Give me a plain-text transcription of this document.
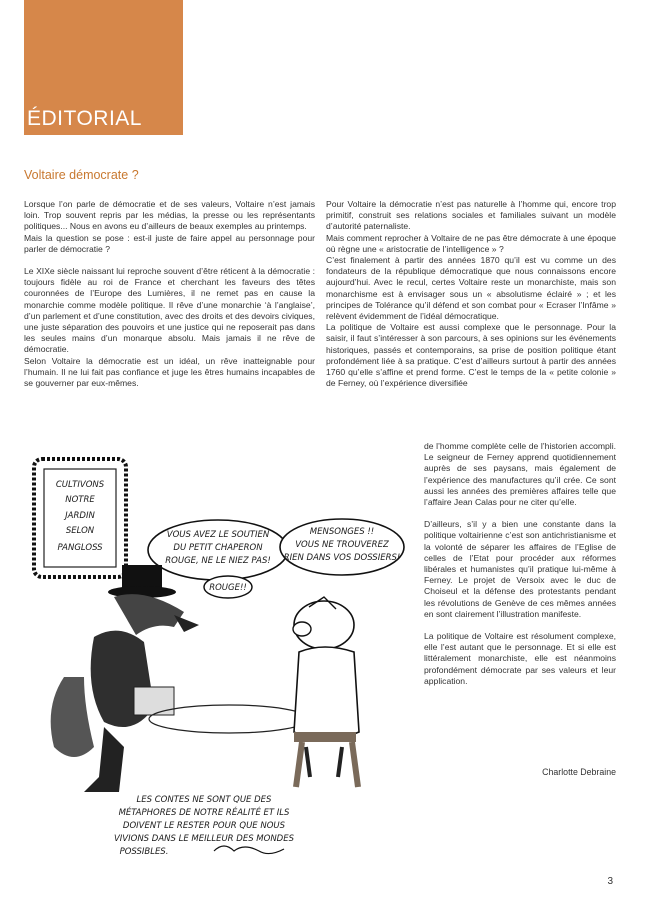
ÉDITORIAL
Voltaire démocrate ?

Lorsque l’on parle de démocratie et de ses valeurs, Voltaire n’est jamais loin. Trop souvent repris par les médias, la presse ou les représentants politiques... Nous en avons eu d’ailleurs de beaux exemples au printemps.

Mais la question se pose : est-il juste de faire appel au personnage pour parler de démocratie ?

Le XIXe siècle naissant lui reproche souvent d’être réticent à la démocratie : toujours fidèle au roi de France et cherchant les faveurs des têtes couronnées de l’Europe des Lumières, il ne remet pas en cause la monarchie comme modèle politique. Il rêve d’une monarchie ‘à l’anglaise’, d’un parlement et d’une constitution, avec des droits et des devoirs civiques, une juste séparation des pouvoirs et une justice qui ne reposerait pas dans les seules mains d’un monarque absolu. Mais jamais il ne rêve de démocratie.

Selon Voltaire la démocratie est un idéal, un rêve inatteignable pour l’humain. Il ne lui fait pas confiance et juge les êtres humains incapables de se gouverner par eux-mêmes.

Pour Voltaire la démocratie n’est pas naturelle à l’homme qui, encore trop primitif, construit ses relations sociales et familiales suivant un modèle d’autorité paternaliste.

Mais comment reprocher à Voltaire de ne pas être démocrate à une époque où règne une « aristocratie de l’intelligence » ?

C’est finalement à partir des années 1870 qu’il est vu comme un des fondateurs de la république démocratique que nous connaissons encore aujourd’hui. Avec le recul, certes Voltaire reste un monarchiste, mais son monarchisme est à envisager sous un « absolutisme éclairé » ; et les principes de Tolérance qu’il défend et son combat pour « Ecraser l’Infâme » relèvent évidemment de l’idéal démocratique.

La politique de Voltaire est aussi complexe que le personnage. Pour la saisir, il faut s’intéresser à son parcours, à ses opinions sur les événements historiques, passés et contemporains, sa prise de position politique étant profondément liée à sa pratique. C’est d’ailleurs surtout à partir des années 1760 qu’elle s’affine et prend forme. C’est le temps de la « petite colonie » de Ferney, où l’expérience diversifiée

de l’homme complète celle de l’historien accompli. Le seigneur de Ferney apprend quotidiennement auprès de ses paysans, mais également de l’expérience des manufactures qu’il crée. Ce sont aussi les années des premières affaires telle que l’affaire Jean Calas pour ne citer qu’elle.

D’ailleurs, s’il y a bien une constante dans la politique voltairienne c’est son antichristianisme et la volonté de séparer les affaires de l’Eglise de celles de l’Etat pour procéder aux réformes libérales et humanistes qu’il pratique lui-même à Ferney. Le projet de Versoix avec le duc de Choiseul et la défense des protestants pendant les révolutions de Genève de ces mêmes années en sont clairement l’illustration manifeste.

La politique de Voltaire est résolument complexe, elle l’est autant que le personnage. Et si elle est littéralement monarchiste, elle est néanmoins profondément démocrate par ses valeurs et leur application.

Charlotte Debraine
CULTIVONS
NOTRE
JARDIN
SELON
PANGLOSS
VOUS AVEZ LE SOUTIEN
DU PETIT CHAPERON
ROUGE, NE LE NIEZ PAS!
ROUGE!!
MENSONGES !!
VOUS NE TROUVEREZ
RIEN DANS VOS DOSSIERS!
LES CONTES NE SONT QUE DES
MÉTAPHORES DE NOTRE RÉALITÉ ET ILS
DOIVENT LE RESTER POUR QUE NOUS
VIVIONS DANS LE MEILLEUR DES MONDES
POSSIBLES.
3
